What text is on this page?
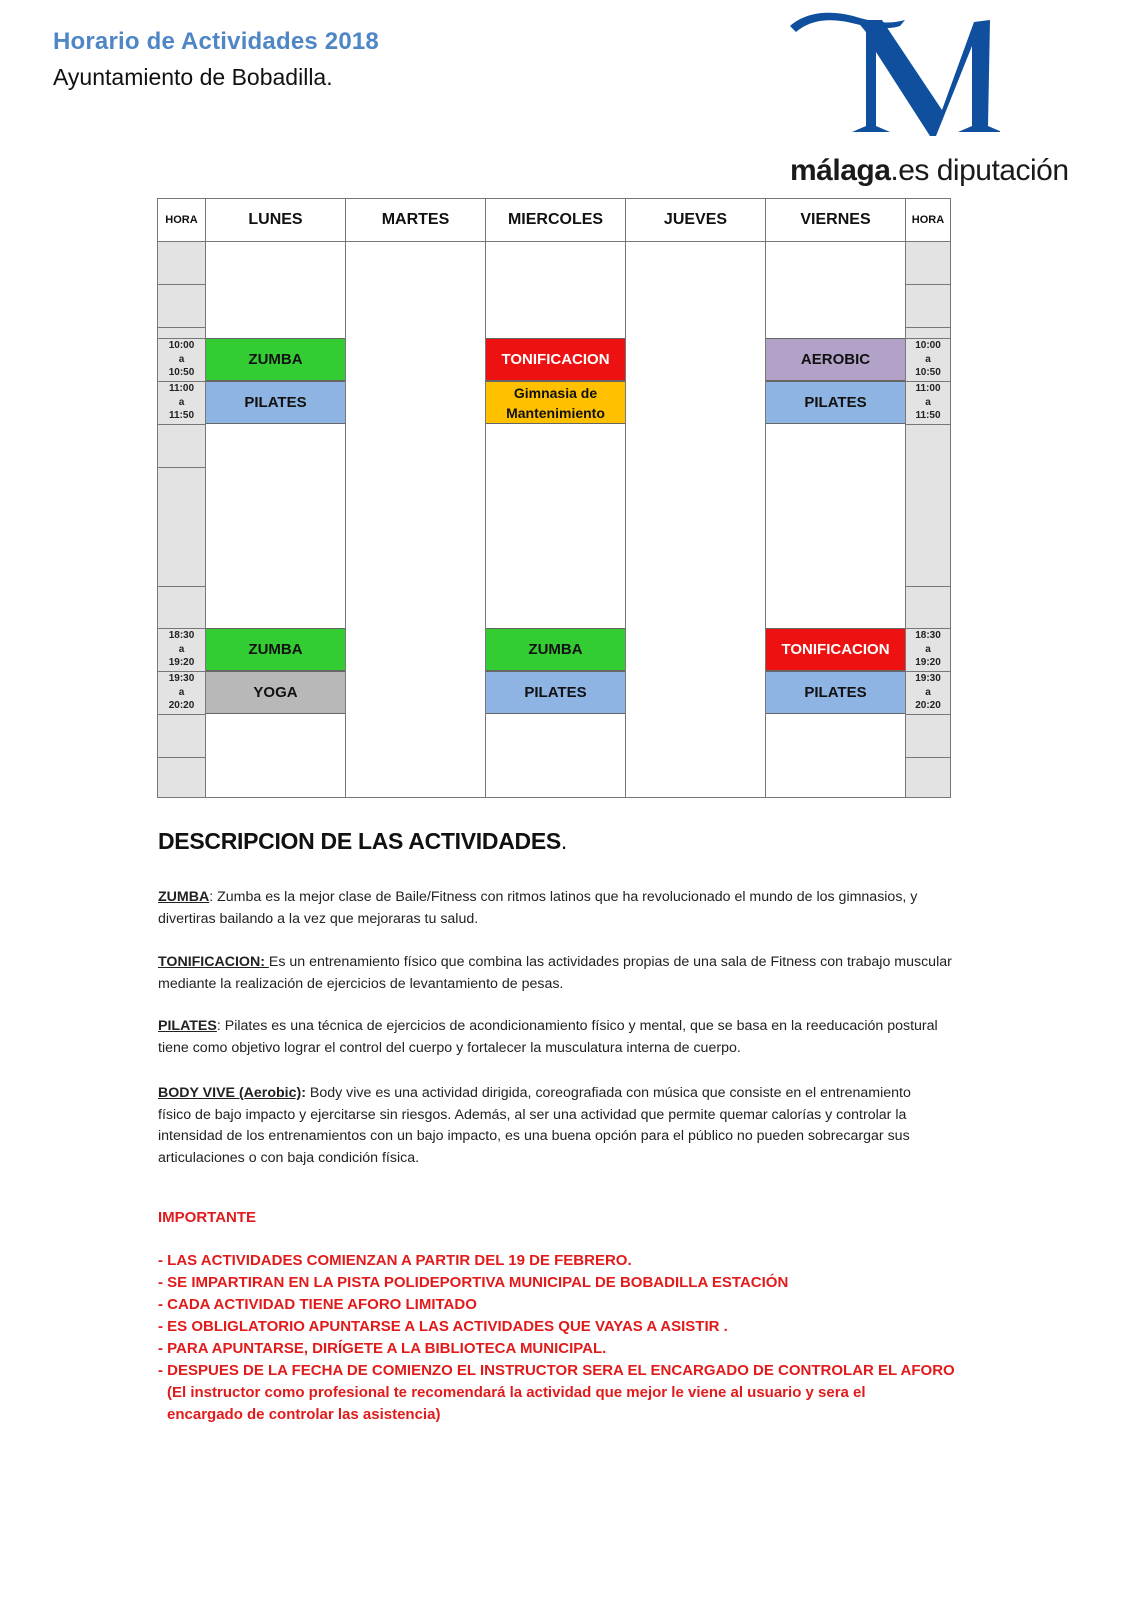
Horario de Actividades 2018
Ayuntamiento de Bobadilla.
málaga.es diputación
HORA
10:00
a
10:50
11:00
a
11:50
18:30
a
19:20
19:30
a
20:20
LUNES
ZUMBA
PILATES
ZUMBA
YOGA
MARTES	MIERCOLES
TONIFICACION
Gimnasia de Mantenimiento
ZUMBA
PILATES
JUEVES	VIERNES
AEROBIC
PILATES
TONIFICACION
PILATES
HORA
10:00
a
10:50
11:00
a
11:50
18:30
a
19:20
19:30
a
20:20
DESCRIPCION DE LAS ACTIVIDADES.
ZUMBA: Zumba es la mejor clase de Baile/Fitness con ritmos latinos que ha revolucionado el mundo de los gimnasios, y
divertiras bailando a la vez que mejoraras tu salud.
TONIFICACION: Es un entrenamiento físico que combina las actividades propias de una sala de Fitness con trabajo muscular
mediante la realización de ejercicios de levantamiento de pesas.
PILATES: Pilates es una técnica de ejercicios de acondicionamiento físico y mental, que se basa en la reeducación postural
tiene como objetivo lograr el control del cuerpo y fortalecer la musculatura interna de cuerpo.
BODY VIVE (Aerobic): Body vive es una actividad dirigida, coreografiada con música que consiste en el entrenamiento
físico de bajo impacto y ejercitarse sin riesgos. Además, al ser una actividad que permite quemar calorías y controlar la
intensidad de los entrenamientos con un bajo impacto, es una buena opción para el público no pueden sobrecargar sus
articulaciones o con baja condición física.
IMPORTANTE
- LAS ACTIVIDADES COMIENZAN A PARTIR DEL 19 DE FEBRERO.
- SE IMPARTIRAN EN LA PISTA POLIDEPORTIVA MUNICIPAL DE BOBADILLA ESTACIÓN
- CADA ACTIVIDAD TIENE AFORO LIMITADO
- ES OBLIGLATORIO APUNTARSE A LAS ACTIVIDADES QUE VAYAS A ASISTIR .
- PARA APUNTARSE, DIRÍGETE A LA BIBLIOTECA MUNICIPAL.
- DESPUES DE LA FECHA DE COMIENZO EL INSTRUCTOR SERA EL ENCARGADO DE CONTROLAR EL AFORO
(El instructor como profesional te recomendará la actividad que mejor le viene al usuario y sera el
encargado de controlar las asistencia)
